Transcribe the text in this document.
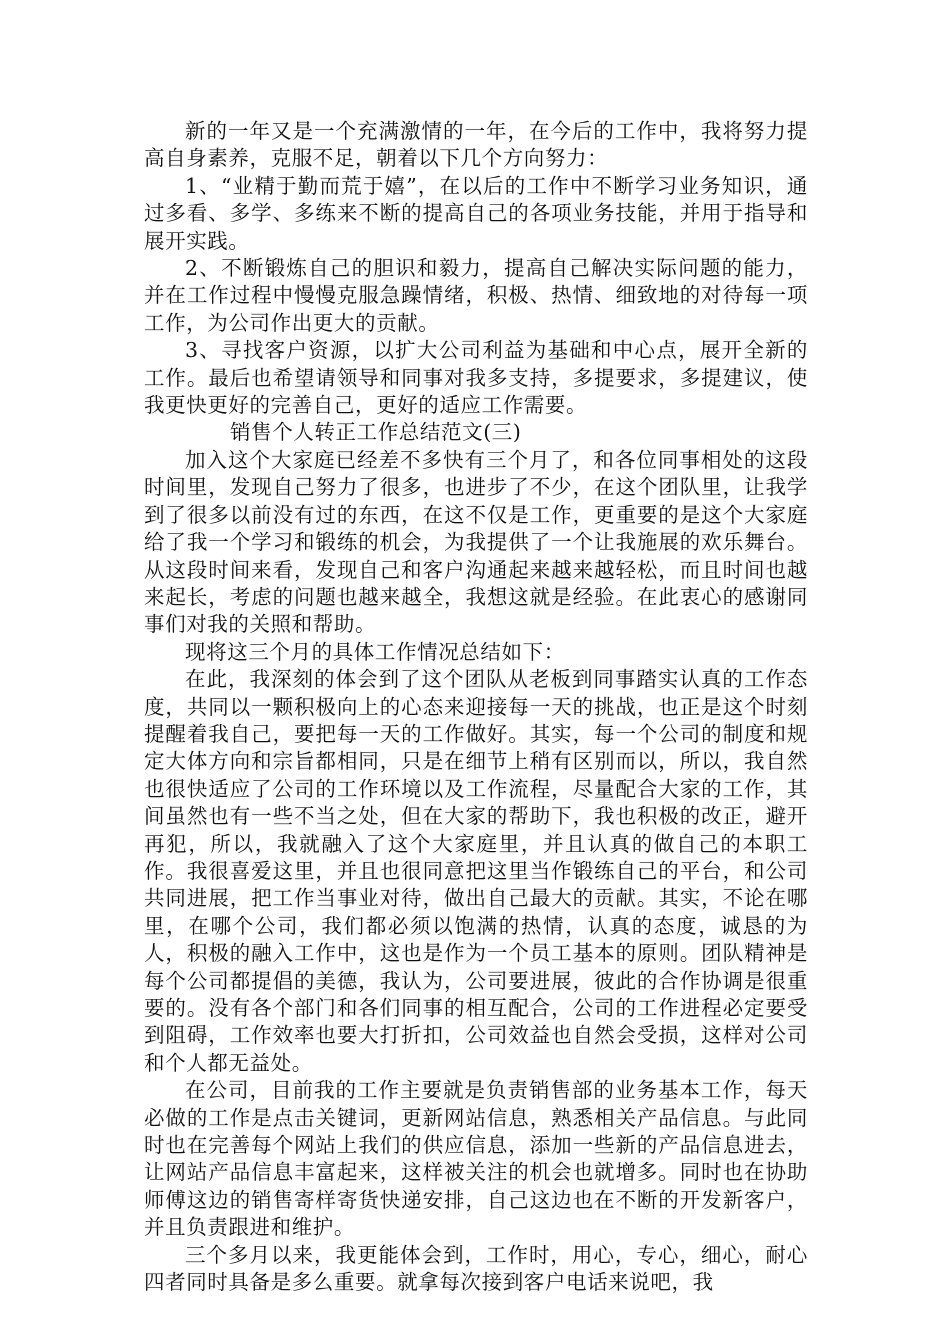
新的一年又是一个充满激情的一年，在今后的工作中，我将努力提高自身素养，克服不足，朝着以下几个方向努力：

1、“业精于勤而荒于嬉”，在以后的工作中不断学习业务知识，通过多看、多学、多练来不断的提高自己的各项业务技能，并用于指导和展开实践。

2、不断锻炼自己的胆识和毅力，提高自己解决实际问题的能力，并在工作过程中慢慢克服急躁情绪，积极、热情、细致地的对待每一项工作，为公司作出更大的贡献。

3、寻找客户资源，以扩大公司利益为基础和中心点，展开全新的工作。最后也希望请领导和同事对我多支持，多提要求，多提建议，使我更快更好的完善自己，更好的适应工作需要。

销售个人转正工作总结范文(三)

加入这个大家庭已经差不多快有三个月了，和各位同事相处的这段时间里，发现自己努力了很多，也进步了不少，在这个团队里，让我学到了很多以前没有过的东西，在这不仅是工作，更重要的是这个大家庭给了我一个学习和锻练的机会，为我提供了一个让我施展的欢乐舞台。从这段时间来看，发现自己和客户沟通起来越来越轻松，而且时间也越来起长，考虑的问题也越来越全，我想这就是经验。在此衷心的感谢同事们对我的关照和帮助。

现将这三个月的具体工作情况总结如下：

在此，我深刻的体会到了这个团队从老板到同事踏实认真的工作态度，共同以一颗积极向上的心态来迎接每一天的挑战，也正是这个时刻提醒着我自己，要把每一天的工作做好。其实，每一个公司的制度和规定大体方向和宗旨都相同，只是在细节上稍有区别而以，所以，我自然也很快适应了公司的工作环境以及工作流程，尽量配合大家的工作，其间虽然也有一些不当之处，但在大家的帮助下，我也积极的改正，避开再犯，所以，我就融入了这个大家庭里，并且认真的做自己的本职工作。我很喜爱这里，并且也很同意把这里当作锻练自己的平台，和公司共同进展，把工作当事业对待，做出自己最大的贡献。其实，不论在哪里，在哪个公司，我们都必须以饱满的热情，认真的态度，诚恳的为人，积极的融入工作中，这也是作为一个员工基本的原则。团队精神是每个公司都提倡的美德，我认为，公司要进展，彼此的合作协调是很重要的。没有各个部门和各们同事的相互配合，公司的工作进程必定要受到阻碍，工作效率也要大打折扣，公司效益也自然会受损，这样对公司和个人都无益处。

在公司，目前我的工作主要就是负责销售部的业务基本工作，每天必做的工作是点击关键词，更新网站信息，熟悉相关产品信息。与此同时也在完善每个网站上我们的供应信息，添加一些新的产品信息进去，让网站产品信息丰富起来，这样被关注的机会也就增多。同时也在协助师傅这边的销售寄样寄货快递安排，自己这边也在不断的开发新客户，并且负责跟进和维护。

三个多月以来，我更能体会到，工作时，用心，专心，细心，耐心四者同时具备是多么重要。就拿每次接到客户电话来说吧，我
